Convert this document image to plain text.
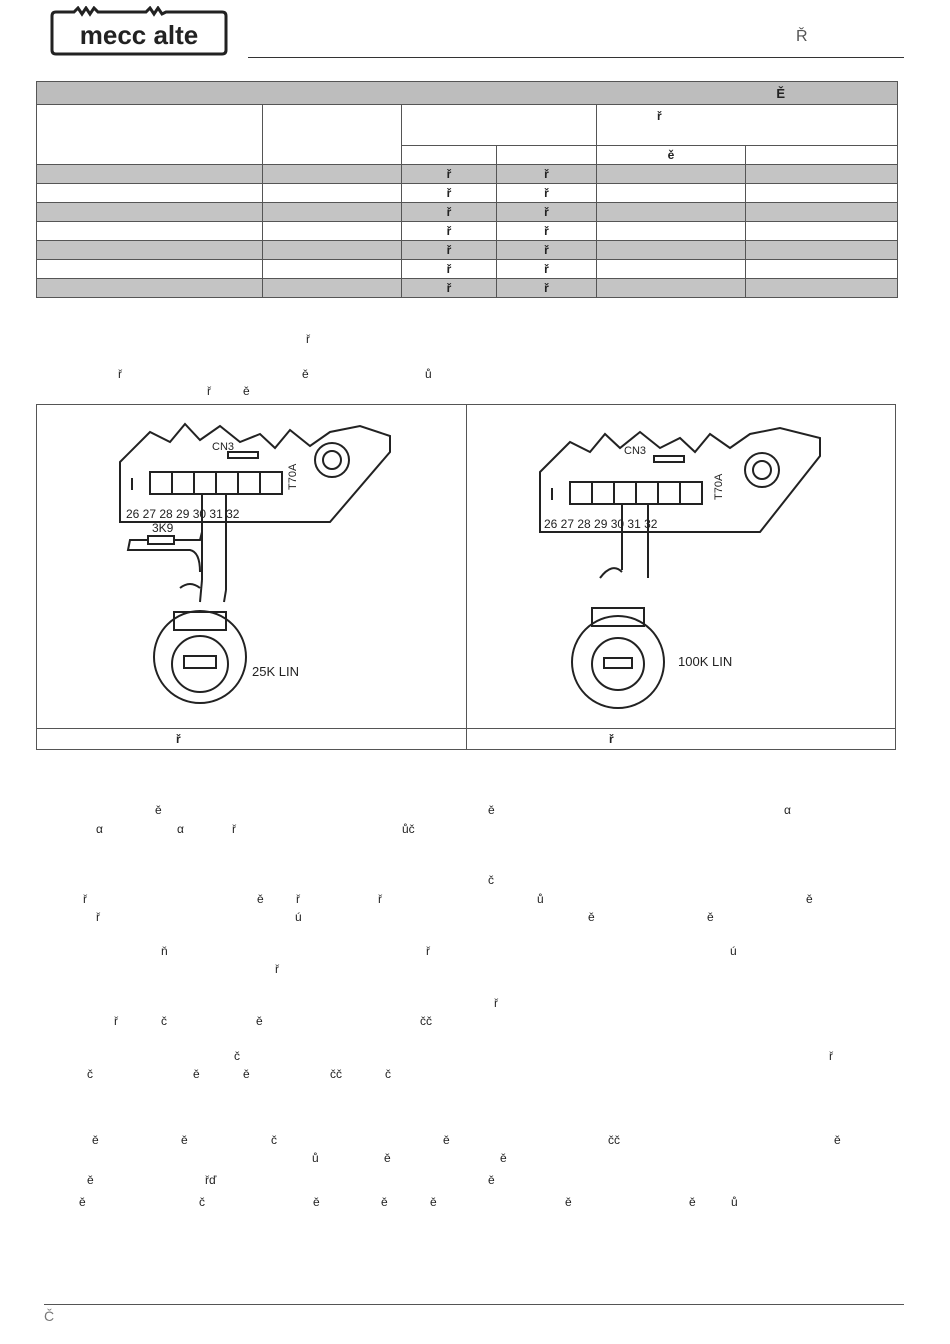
mecc alte	Ř
Ě					
				ř	
				ě	
		ř	ř		
		ř	ř		
		ř	ř		
		ř	ř		
		ř	ř		
		ř	ř		
		ř	ř		
ř
ř	ě	ů
ř	ě
CN3
T70A
26 27 28 29 30 31 32
3K9
25K LIN
CN3
T70A
26 27 28 29 30 31 32
100K LIN
ř	ř
ě	ě	α
α	α	ř	ůč
č
ř	ě	ř	ř	ů	ě
ř	ú	ě	ě
ň	ř	ú
ř
ř
ř	č	ě	čč
č	ř
č	ě	ě	čč	č
ě	ě	č	ě	čč	ě
ů	ě	ě
ě	řď	ě
ě	č	ě	ě	ě	ě	ě	ů
Č
